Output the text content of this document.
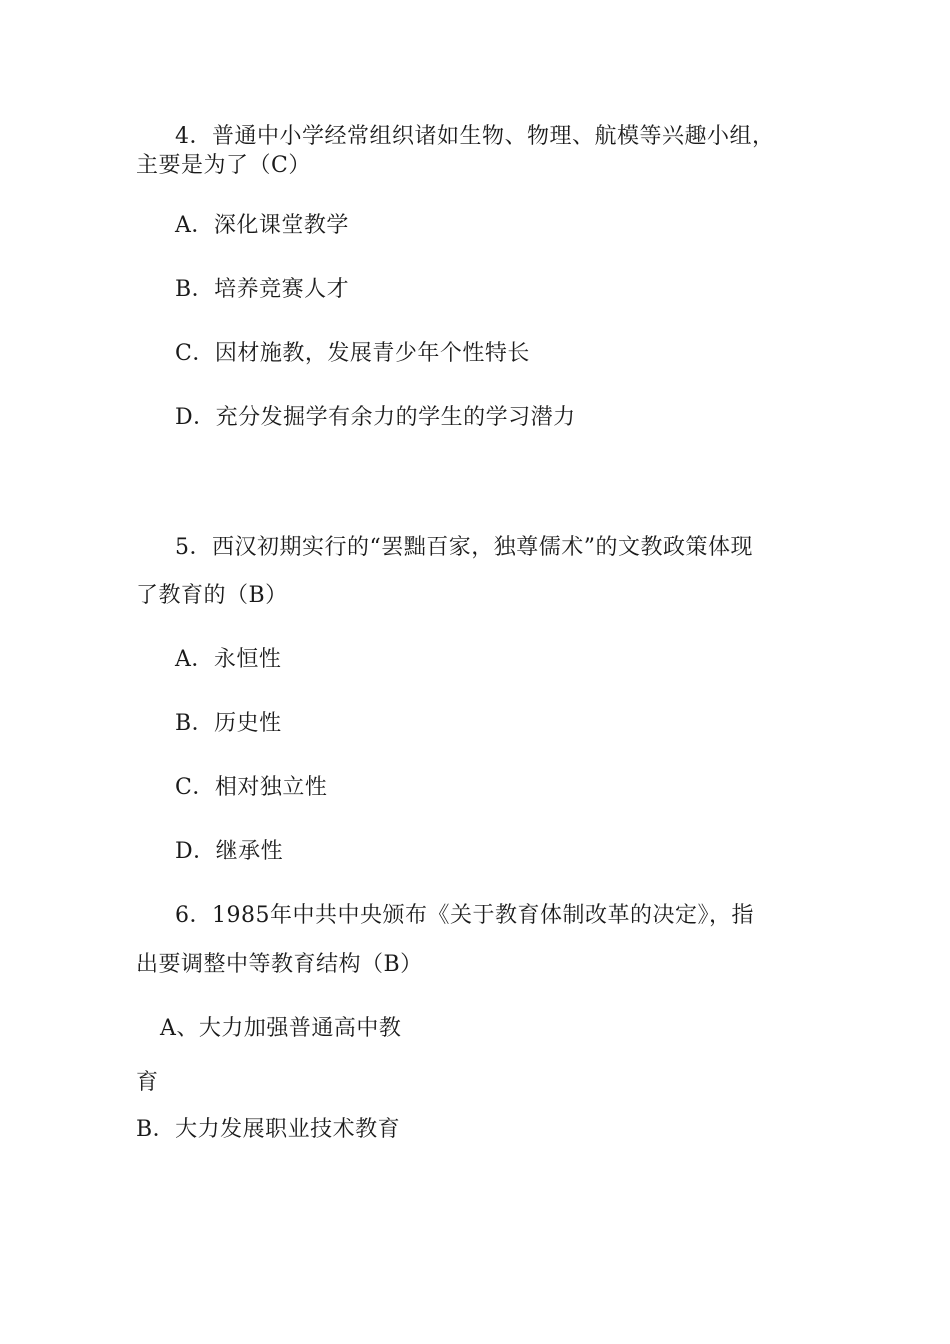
4．普通中小学经常组织诸如生物、物理、航模等兴趣小组，
主要是为了（C）
A．深化课堂教学
B．培养竞赛人才
C．因材施教，发展青少年个性特长
D．充分发掘学有余力的学生的学习潜力
5．西汉初期实行的“罢黜百家，独尊儒术”的文教政策体现
了教育的（B）
A．永恒性
B．历史性
C．相对独立性
D．继承性
6．1985年中共中央颁布《关于教育体制改革的决定》，指
出要调整中等教育结构（B）
A、大力加强普通高中教
育
B．大力发展职业技术教育
